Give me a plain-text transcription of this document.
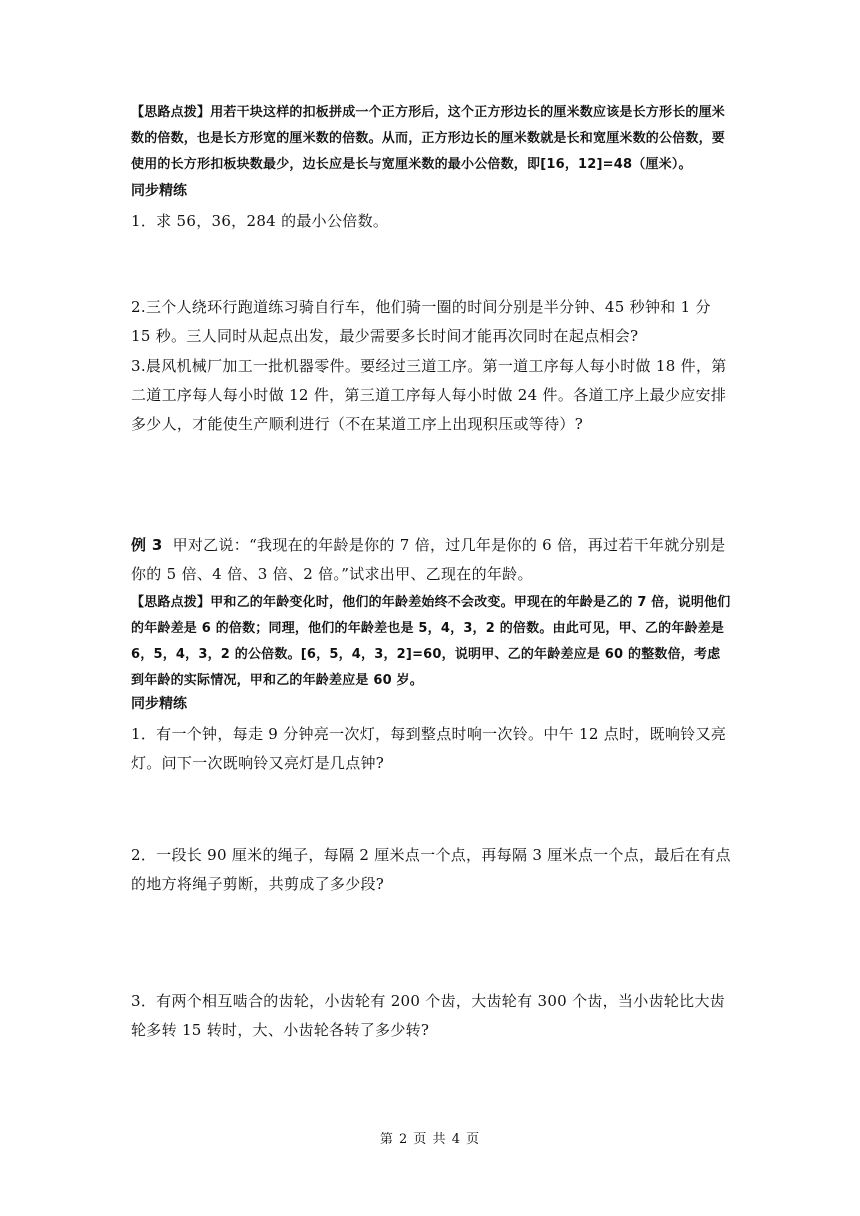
【思路点拨】用若干块这样的扣板拼成一个正方形后，这个正方形边长的厘米数应该是长方形长的厘米数的倍数，也是长方形宽的厘米数的倍数。从而，正方形边长的厘米数就是长和宽厘米数的公倍数，要使用的长方形扣板块数最少，边长应是长与宽厘米数的最小公倍数，即[16，12]=48（厘米）。

同步精练

1．求 56，36，284 的最小公倍数。

2.三个人绕环行跑道练习骑自行车，他们骑一圈的时间分别是半分钟、45 秒钟和 1 分 15 秒。三人同时从起点出发，最少需要多长时间才能再次同时在起点相会?

3.晨风机械厂加工一批机器零件。要经过三道工序。第一道工序每人每小时做 18 件，第二道工序每人每小时做 12 件，第三道工序每人每小时做 24 件。各道工序上最少应安排多少人，才能使生产顺利进行（不在某道工序上出现积压或等待）?

例 3 甲对乙说：“我现在的年龄是你的 7 倍，过几年是你的 6 倍，再过若干年就分别是你的 5 倍、4 倍、3 倍、2 倍。”试求出甲、乙现在的年龄。

【思路点拨】甲和乙的年龄变化时，他们的年龄差始终不会改变。甲现在的年龄是乙的 7 倍，说明他们的年龄差是 6 的倍数；同理，他们的年龄差也是 5，4，3，2 的倍数。由此可见，甲、乙的年龄差是 6，5，4，3，2 的公倍数。[6，5，4，3，2]=60，说明甲、乙的年龄差应是 60 的整数倍，考虑到年龄的实际情况，甲和乙的年龄差应是 60 岁。

同步精练

1．有一个钟，每走 9 分钟亮一次灯，每到整点时响一次铃。中午 12 点时，既响铃又亮灯。问下一次既响铃又亮灯是几点钟?

2．一段长 90 厘米的绳子，每隔 2 厘米点一个点，再每隔 3 厘米点一个点，最后在有点的地方将绳子剪断，共剪成了多少段?

3．有两个相互啮合的齿轮，小齿轮有 200 个齿，大齿轮有 300 个齿，当小齿轮比大齿轮多转 15 转时，大、小齿轮各转了多少转?

第 2 页 共 4 页
